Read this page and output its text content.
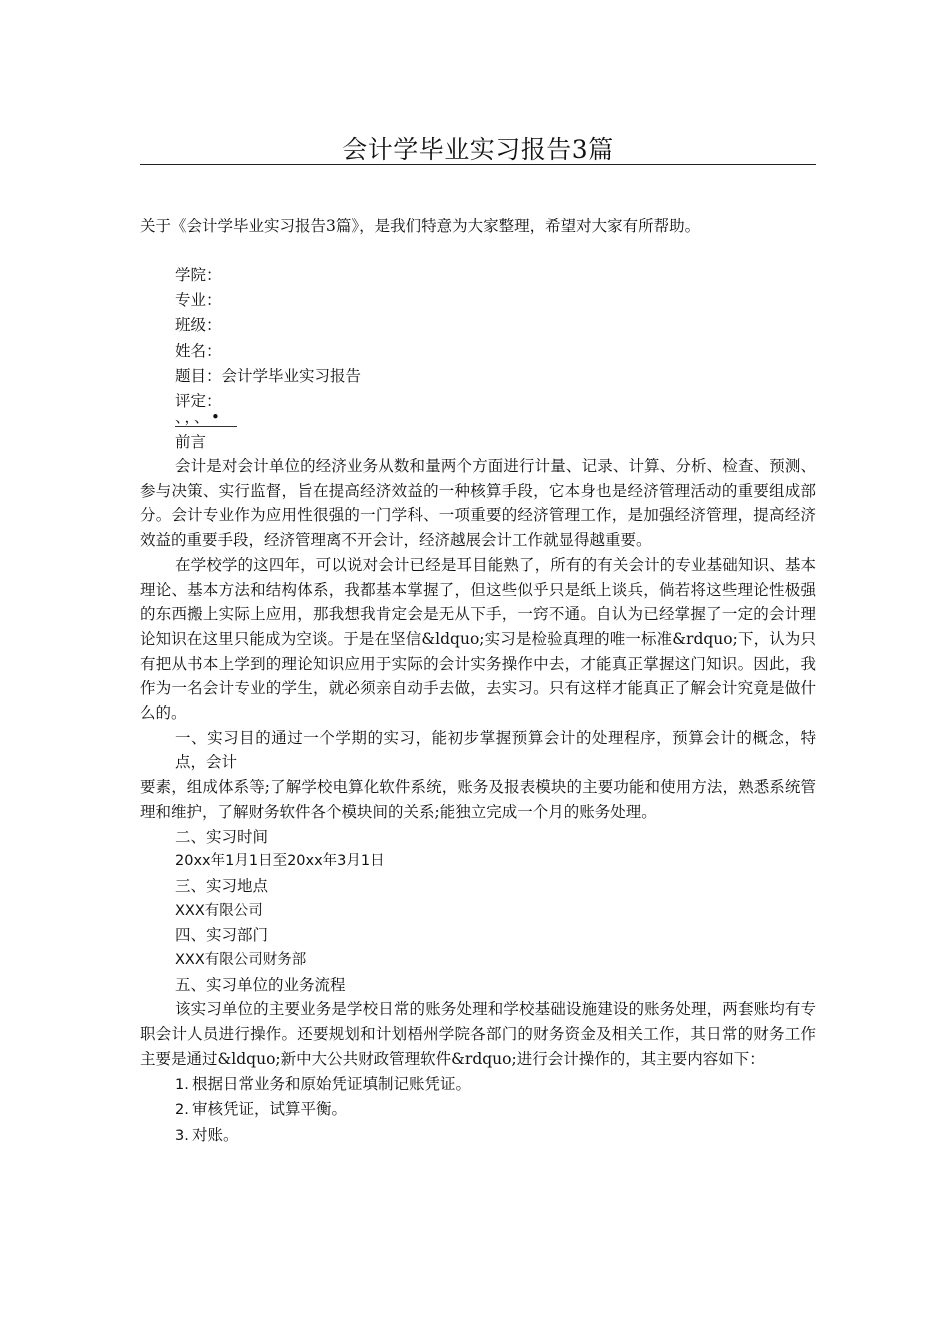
会计学毕业实习报告3篇
关于《会计学毕业实习报告3篇》，是我们特意为大家整理，希望对大家有所帮助。
学院：
专业：
班级：
姓名：
题目：会计学毕业实习报告
评定：
、，、•

前言

会计是对会计单位的经济业务从数和量两个方面进行计量、记录、计算、分析、检查、预测、参与决策、实行监督，旨在提高经济效益的一种核算手段，它本身也是经济管理活动的重要组成部分。会计专业作为应用性很强的一门学科、一项重要的经济管理工作，是加强经济管理，提高经济效益的重要手段，经济管理离不开会计，经济越展会计工作就显得越重要。

在学校学的这四年，可以说对会计已经是耳目能熟了，所有的有关会计的专业基础知识、基本理论、基本方法和结构体系，我都基本掌握了，但这些似乎只是纸上谈兵，倘若将这些理论性极强的东西搬上实际上应用，那我想我肯定会是无从下手，一窍不通。自认为已经掌握了一定的会计理论知识在这里只能成为空谈。于是在坚信&ldquo;实习是检验真理的唯一标准&rdquo;下，认为只有把从书本上学到的理论知识应用于实际的会计实务操作中去，才能真正掌握这门知识。因此，我作为一名会计专业的学生，就必须亲自动手去做，去实习。只有这样才能真正了解会计究竟是做什么的。

一、实习目的通过一个学期的实习，能初步掌握预算会计的处理程序，预算会计的概念，特点，会计

要素，组成体系等;了解学校电算化软件系统，账务及报表模块的主要功能和使用方法，熟悉系统管理和维护，了解财务软件各个模块间的关系;能独立完成一个月的账务处理。

二、实习时间

20xx年1月1日至20xx年3月1日

三、实习地点

XXX有限公司

四、实习部门

XXX有限公司财务部

五、实习单位的业务流程

该实习单位的主要业务是学校日常的账务处理和学校基础设施建设的账务处理，两套账均有专职会计人员进行操作。还要规划和计划梧州学院各部门的财务资金及相关工作，其日常的财务工作主要是通过&ldquo;新中大公共财政管理软件&rdquo;进行会计操作的，其主要内容如下：

1. 根据日常业务和原始凭证填制记账凭证。

2. 审核凭证，试算平衡。

3. 对账。
